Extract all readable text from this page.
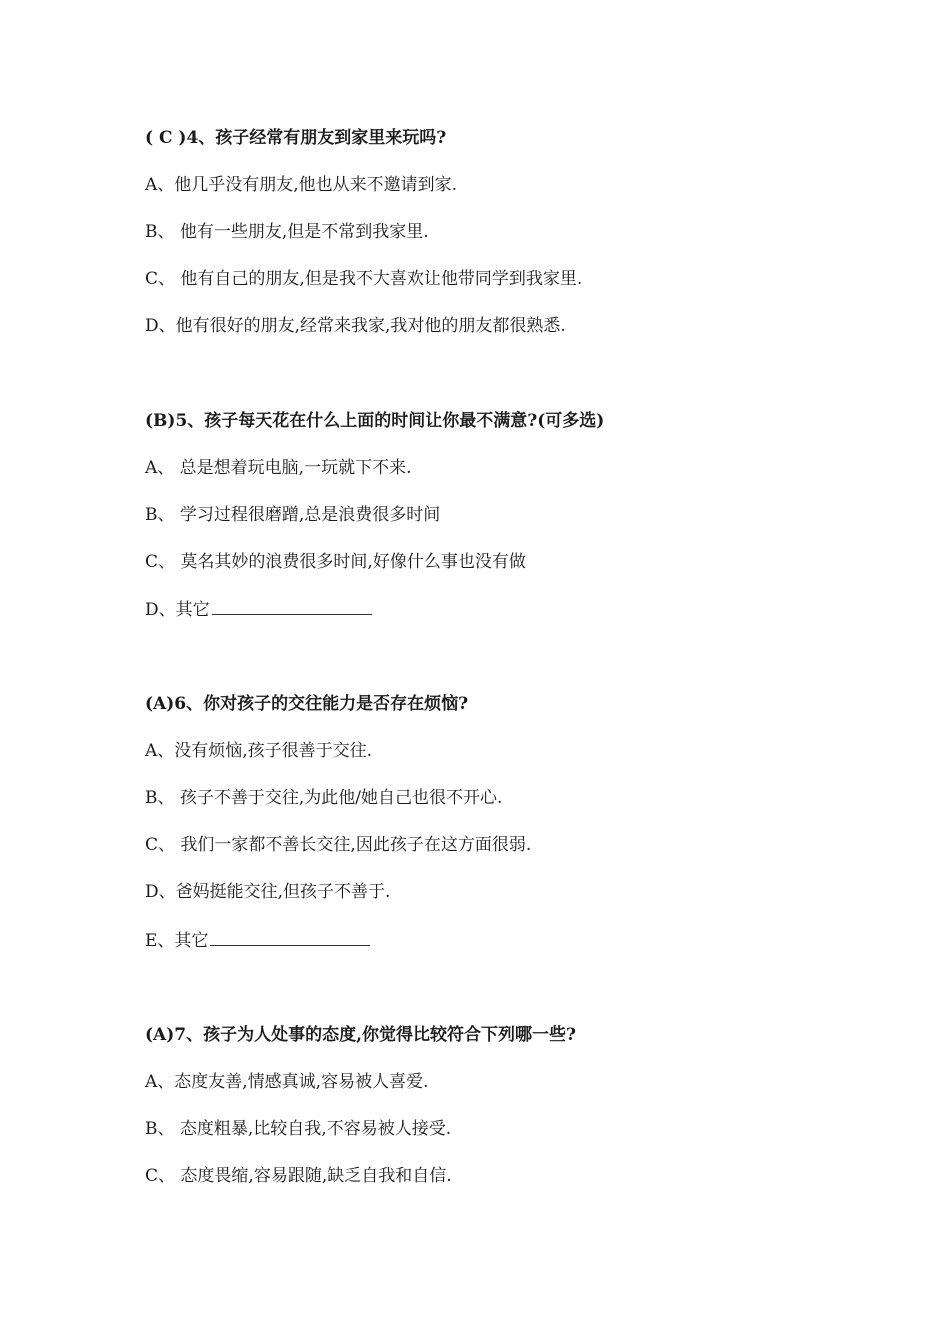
( C )4、孩子经常有朋友到家里来玩吗?
A、他几乎没有朋友,他也从来不邀请到家.
B、 他有一些朋友,但是不常到我家里.
C、 他有自己的朋友,但是我不大喜欢让他带同学到我家里.
D、他有很好的朋友,经常来我家,我对他的朋友都很熟悉.
(B)5、孩子每天花在什么上面的时间让你最不满意?(可多选)
A、 总是想着玩电脑,一玩就下不来.
B、 学习过程很磨蹭,总是浪费很多时间
C、 莫名其妙的浪费很多时间,好像什么事也没有做
D、其它
(A)6、你对孩子的交往能力是否存在烦恼?
A、没有烦恼,孩子很善于交往.
B、 孩子不善于交往,为此他/她自己也很不开心.
C、 我们一家都不善长交往,因此孩子在这方面很弱.
D、爸妈挺能交往,但孩子不善于.
E、其它
(A)7、孩子为人处事的态度,你觉得比较符合下列哪一些?
A、态度友善,情感真诚,容易被人喜爱.
B、 态度粗暴,比较自我,不容易被人接受.
C、 态度畏缩,容易跟随,缺乏自我和自信.
